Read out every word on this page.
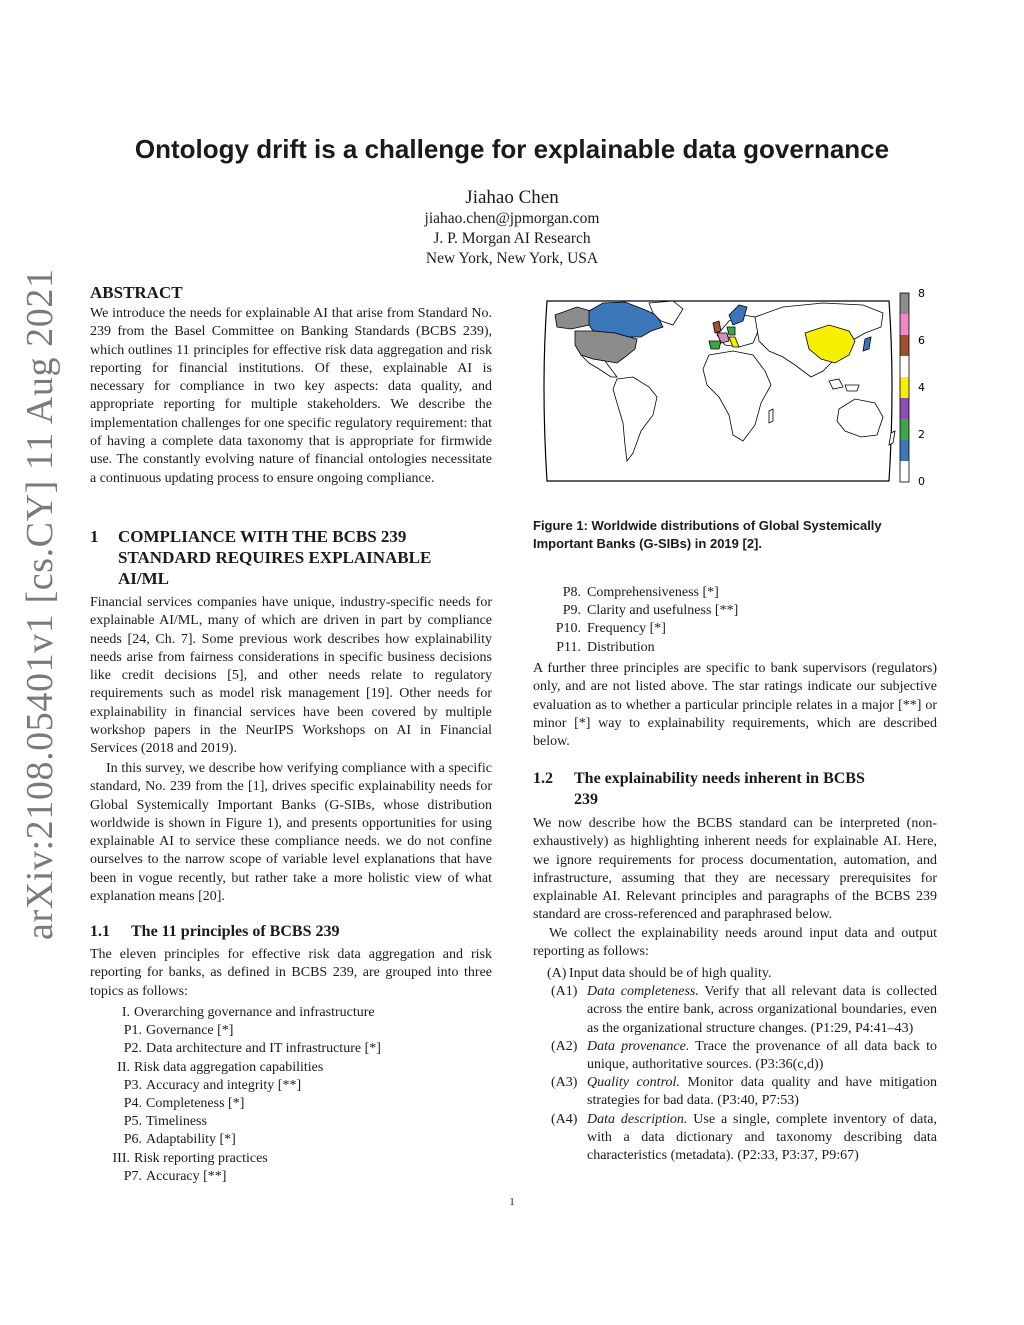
arXiv:2108.05401v1 [cs.CY] 11 Aug 2021
Ontology drift is a challenge for explainable data governance
Jiahao Chen
jiahao.chen@jpmorgan.com
J. P. Morgan AI Research
New York, New York, USA
ABSTRACT
We introduce the needs for explainable AI that arise from Standard No. 239 from the Basel Committee on Banking Standards (BCBS 239), which outlines 11 principles for effective risk data aggregation and risk reporting for financial institutions. Of these, explainable AI is necessary for compliance in two key aspects: data quality, and appropriate reporting for multiple stakeholders. We describe the implementation challenges for one specific regulatory requirement: that of having a complete data taxonomy that is appropriate for firmwide use. The constantly evolving nature of financial ontologies necessitate a continuous updating process to ensure ongoing compliance.
1 COMPLIANCE WITH THE BCBS 239
STANDARD REQUIRES EXPLAINABLE
AI/ML
Financial services companies have unique, industry-specific needs for explainable AI/ML, many of which are driven in part by compliance needs [24, Ch. 7]. Some previous work describes how explainability needs arise from fairness considerations in specific business decisions like credit decisions [5], and other needs relate to regulatory requirements such as model risk management [19]. Other needs for explainability in financial services have been covered by multiple workshop papers in the NeurIPS Workshops on AI in Financial Services (2018 and 2019).
In this survey, we describe how verifying compliance with a specific standard, No. 239 from the [1], drives specific explainability needs for Global Systemically Important Banks (G-SIBs, whose distribution worldwide is shown in Figure 1), and presents opportunities for using explainable AI to service these compliance needs. we do not confine ourselves to the narrow scope of variable level explanations that have been in vogue recently, but rather take a more holistic view of what explanation means [20].
1.1 The 11 principles of BCBS 239
The eleven principles for effective risk data aggregation and risk reporting for banks, as defined in BCBS 239, are grouped into three topics as follows:
I. Overarching governance and infrastructure
P1. Governance [*]
P2. Data architecture and IT infrastructure [*]
II. Risk data aggregation capabilities
P3. Accuracy and integrity [**]
P4. Completeness [*]
P5. Timeliness
P6. Adaptability [*]
III. Risk reporting practices
P7. Accuracy [**]
8
6
4
2
0
Figure 1: Worldwide distributions of Global Systemically Important Banks (G-SIBs) in 2019 [2].
P8. Comprehensiveness [*]
P9. Clarity and usefulness [**]
P10. Frequency [*]
P11. Distribution
A further three principles are specific to bank supervisors (regulators) only, and are not listed above. The star ratings indicate our subjective evaluation as to whether a particular principle relates in a major [**] or minor [*] way to explainability requirements, which are described below.
1.2 The explainability needs inherent in BCBS
239
We now describe how the BCBS standard can be interpreted (non-exhaustively) as highlighting inherent needs for explainable AI. Here, we ignore requirements for process documentation, automation, and infrastructure, assuming that they are necessary prerequisites for explainable AI. Relevant principles and paragraphs of the BCBS 239 standard are cross-referenced and paraphrased below.
We collect the explainability needs around input data and output reporting as follows:
(A) Input data should be of high quality.
(A1) Data completeness. Verify that all relevant data is collected across the entire bank, across organizational boundaries, even as the organizational structure changes. (P1:29, P4:41–43)
(A2) Data provenance. Trace the provenance of all data back to unique, authoritative sources. (P3:36(c,d))
(A3) Quality control. Monitor data quality and have mitigation strategies for bad data. (P3:40, P7:53)
(A4) Data description. Use a single, complete inventory of data, with a data dictionary and taxonomy describing data characteristics (metadata). (P2:33, P3:37, P9:67)
1
